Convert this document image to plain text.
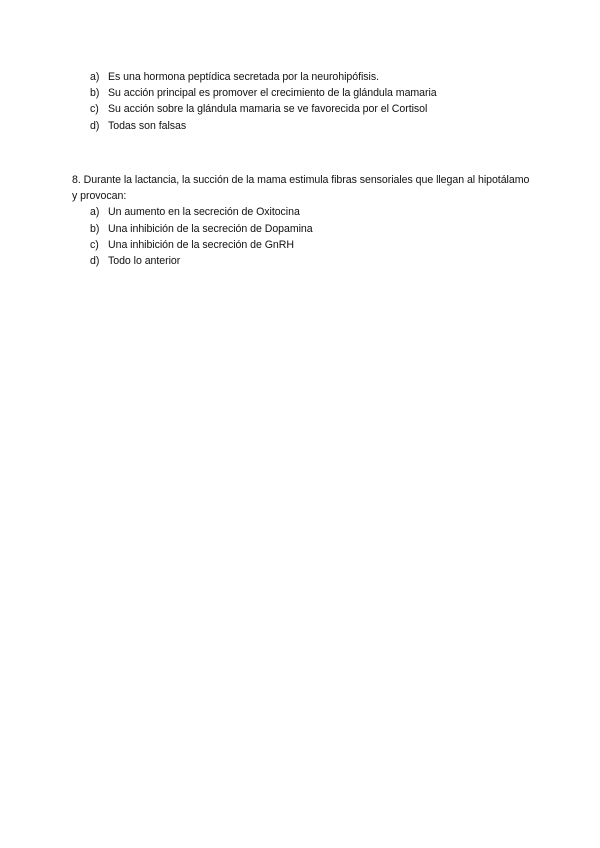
a) Es una hormona peptídica secretada por la neurohipófisis.
b) Su acción principal es promover el crecimiento de la glándula mamaria
c) Su acción sobre la glándula mamaria se ve favorecida por el Cortisol
d) Todas son falsas

8. Durante la lactancia, la succión de la mama estimula fibras sensoriales que llegan al hipotálamo y provocan:

a) Un aumento en la secreción de Oxitocina
b) Una inhibición de la secreción de Dopamina
c) Una inhibición de la secreción de GnRH
d) Todo lo anterior
